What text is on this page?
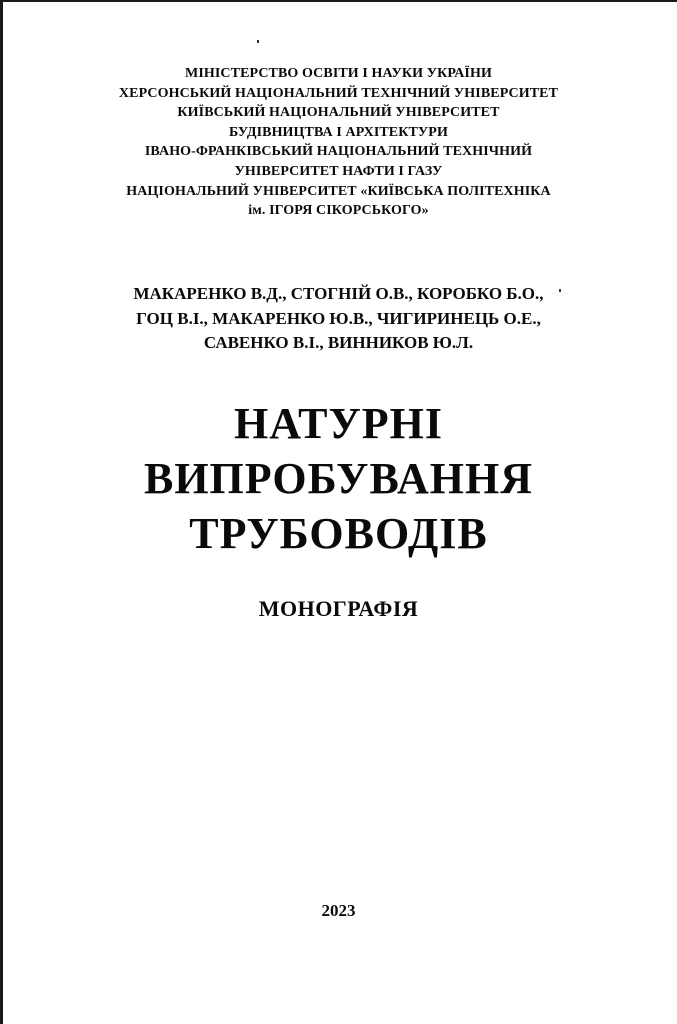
МІНІСТЕРСТВО ОСВІТИ І НАУКИ УКРАЇНИ
ХЕРСОНСЬКИЙ НАЦІОНАЛЬНИЙ ТЕХНІЧНИЙ УНІВЕРСИТЕТ
КИЇВСЬКИЙ НАЦІОНАЛЬНИЙ УНІВЕРСИТЕТ
БУДІВНИЦТВА І АРХІТЕКТУРИ
ІВАНО-ФРАНКІВСЬКИЙ НАЦІОНАЛЬНИЙ ТЕХНІЧНИЙ
УНІВЕРСИТЕТ НАФТИ І ГАЗУ
НАЦІОНАЛЬНИЙ УНІВЕРСИТЕТ «КИЇВСЬКА ПОЛІТЕХНІКА
ім. ІГОРЯ СІКОРСЬКОГО»
МАКАРЕНКО В.Д., СТОГНІЙ О.В., КОРОБКО Б.О.,
ГОЦ В.І., МАКАРЕНКО Ю.В., ЧИГИРИНЕЦЬ О.Е.,
САВЕНКО В.І., ВИННИКОВ Ю.Л.
НАТУРНІ
ВИПРОБУВАННЯ
ТРУБОВОДІВ
МОНОГРАФІЯ
2023
